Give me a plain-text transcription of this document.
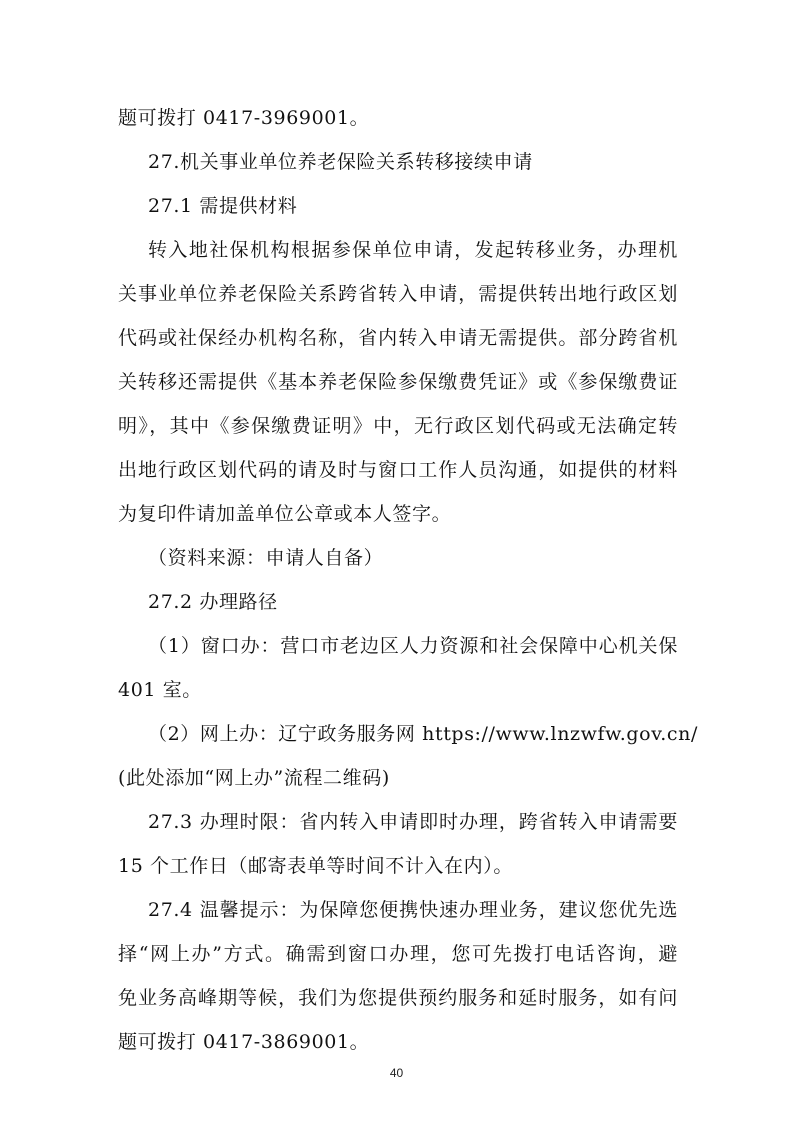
题可拨打 0417-3969001。
27.机关事业单位养老保险关系转移接续申请
27.1 需提供材料
转入地社保机构根据参保单位申请，发起转移业务，办理机
关事业单位养老保险关系跨省转入申请，需提供转出地行政区划
代码或社保经办机构名称，省内转入申请无需提供。部分跨省机
关转移还需提供《基本养老保险参保缴费凭证》或《参保缴费证
明》，其中《参保缴费证明》中，无行政区划代码或无法确定转
出地行政区划代码的请及时与窗口工作人员沟通，如提供的材料
为复印件请加盖单位公章或本人签字。
（资料来源：申请人自备）
27.2 办理路径
（1）窗口办：营口市老边区人力资源和社会保障中心机关保
401 室。
（2）网上办：辽宁政务服务网 https://www.lnzwfw.gov.cn/
(此处添加“网上办”流程二维码)
27.3 办理时限：省内转入申请即时办理，跨省转入申请需要
15 个工作日（邮寄表单等时间不计入在内）。
27.4 温馨提示：为保障您便携快速办理业务，建议您优先选
择“网上办”方式。确需到窗口办理，您可先拨打电话咨询，避
免业务高峰期等候，我们为您提供预约服务和延时服务，如有问
题可拨打 0417-3869001。
40
